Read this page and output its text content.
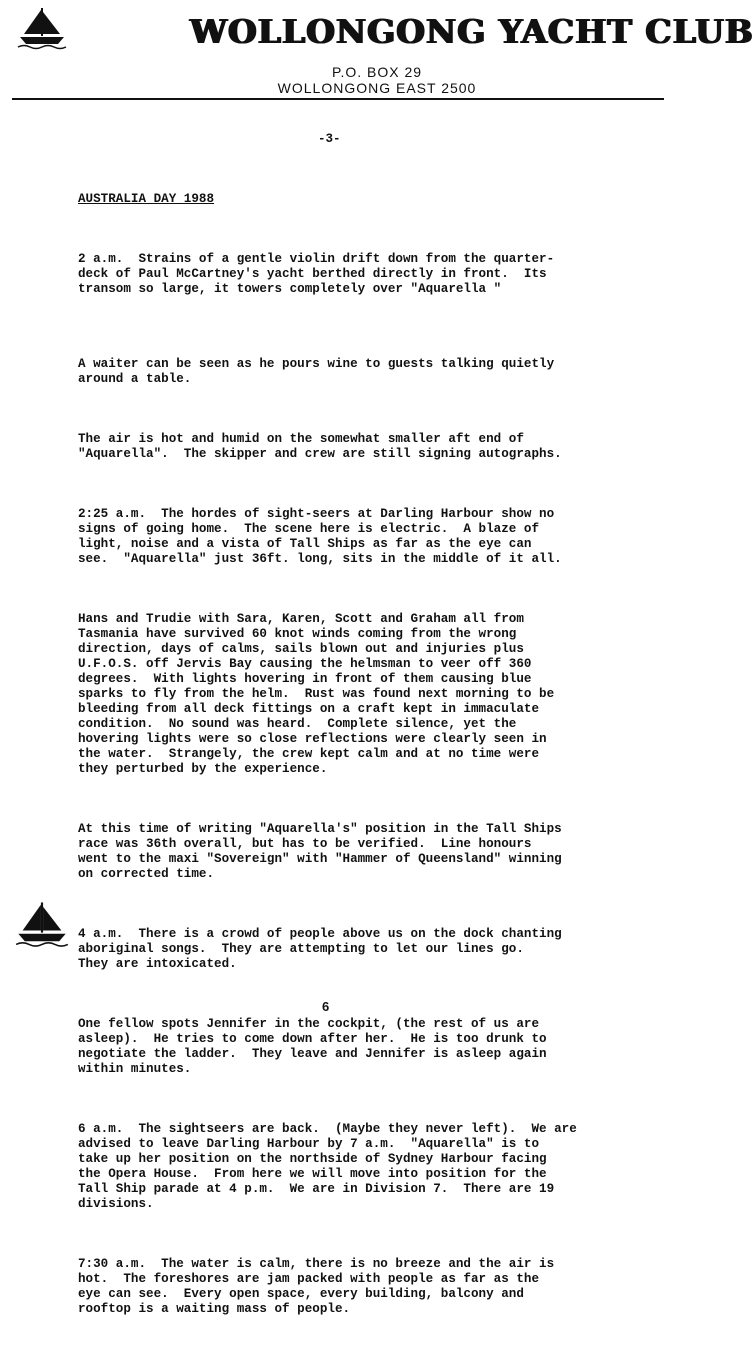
WOLLONGONG YACHT CLUB
P.O. BOX 29
WOLLONGONG EAST 2500
-3-

AUSTRALIA DAY 1988

2 a.m.  Strains of a gentle violin drift down from the quarter-
deck of Paul McCartney's yacht berthed directly in front.  Its
transom so large, it towers completely over "Aquarella "

A waiter can be seen as he pours wine to guests talking quietly
around a table.

The air is hot and humid on the somewhat smaller aft end of
"Aquarella".  The skipper and crew are still signing autographs.

2:25 a.m.  The hordes of sight-seers at Darling Harbour show no
signs of going home.  The scene here is electric.  A blaze of
light, noise and a vista of Tall Ships as far as the eye can
see.  "Aquarella" just 36ft. long, sits in the middle of it all.

Hans and Trudie with Sara, Karen, Scott and Graham all from
Tasmania have survived 60 knot winds coming from the wrong
direction, days of calms, sails blown out and injuries plus
U.F.O.S. off Jervis Bay causing the helmsman to veer off 360
degrees.  With lights hovering in front of them causing blue
sparks to fly from the helm.  Rust was found next morning to be
bleeding from all deck fittings on a craft kept in immaculate
condition.  No sound was heard.  Complete silence, yet the
hovering lights were so close reflections were clearly seen in
the water.  Strangely, the crew kept calm and at no time were
they perturbed by the experience.

At this time of writing "Aquarella's" position in the Tall Ships
race was 36th overall, but has to be verified.  Line honours
went to the maxi "Sovereign" with "Hammer of Queensland" winning
on corrected time.

4 a.m.  There is a crowd of people above us on the dock chanting
aboriginal songs.  They are attempting to let our lines go.
They are intoxicated.

One fellow spots Jennifer in the cockpit, (the rest of us are
asleep).  He tries to come down after her.  He is too drunk to
negotiate the ladder.  They leave and Jennifer is asleep again
within minutes.

6 a.m.  The sightseers are back.  (Maybe they never left).  We are
advised to leave Darling Harbour by 7 a.m.  "Aquarella" is to
take up her position on the northside of Sydney Harbour facing
the Opera House.  From here we will move into position for the
Tall Ship parade at 4 p.m.  We are in Division 7.  There are 19
divisions.

7:30 a.m.  The water is calm, there is no breeze and the air is
hot.  The foreshores are jam packed with people as far as the
eye can see.  Every open space, every building, balcony and
rooftop is a waiting mass of people.

6
